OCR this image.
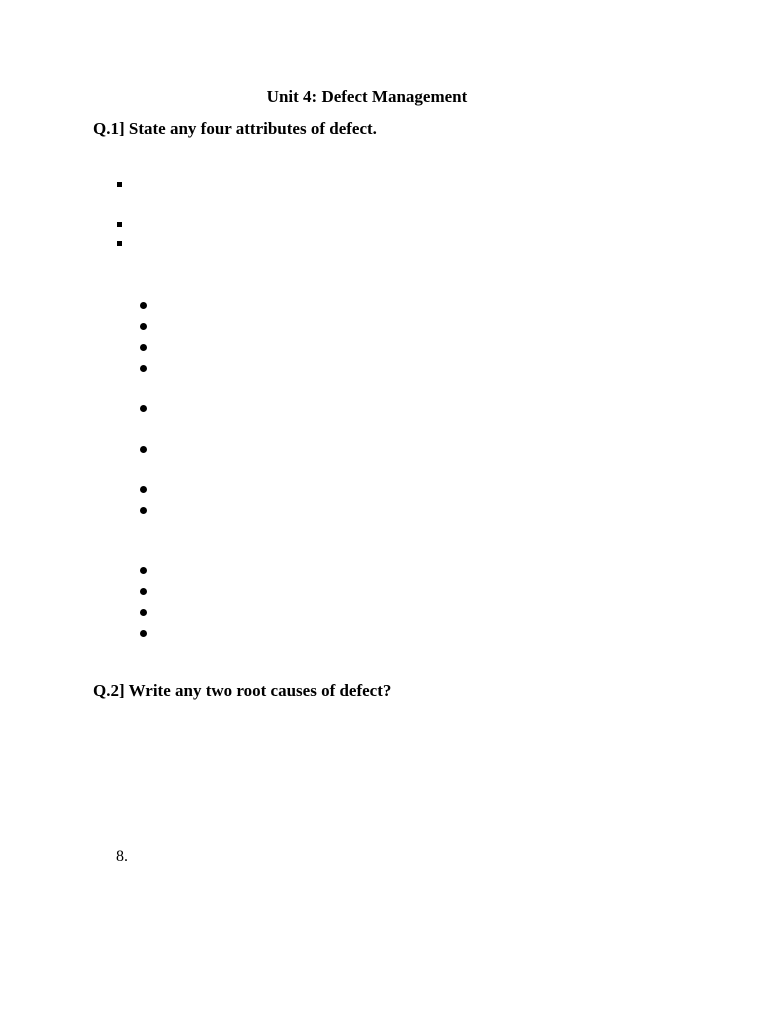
Unit 4: Defect Management
Q.1] State any four attributes of defect.
Q.2] Write any two root causes of defect?
8.
